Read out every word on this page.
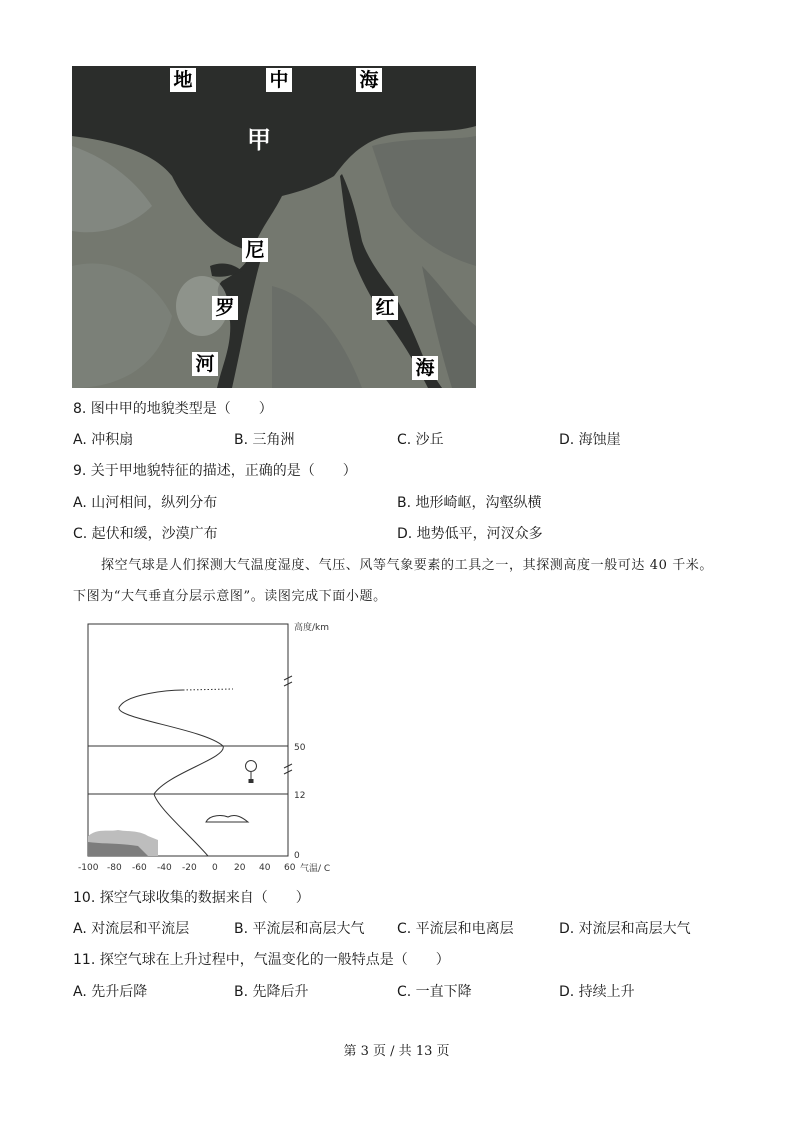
地	中	海
甲
尼
罗
河
红
海
8. 图中甲的地貌类型是（　　）
A. 冲积扇	B. 三角洲	C. 沙丘	D. 海蚀崖
9. 关于甲地貌特征的描述，正确的是（　　）
A. 山河相间，纵列分布	B. 地形崎岖，沟壑纵横
C. 起伏和缓，沙漠广布	D. 地势低平，河汊众多
探空气球是人们探测大气温度湿度、气压、风等气象要素的工具之一，其探测高度一般可达 40 千米。
下图为“大气垂直分层示意图”。读图完成下面小题。
高度/km
50
12
0
-100 -80 -60 -40 -20 0 20 40 60 气温/ C
10. 探空气球收集的数据来自（　　）
A. 对流层和平流层	B. 平流层和高层大气 C. 平流层和电离层	D. 对流层和高层大气
11. 探空气球在上升过程中，气温变化的一般特点是（　　）
A. 先升后降	B. 先降后升	C. 一直下降	D. 持续上升
第 3 页 / 共 13 页
